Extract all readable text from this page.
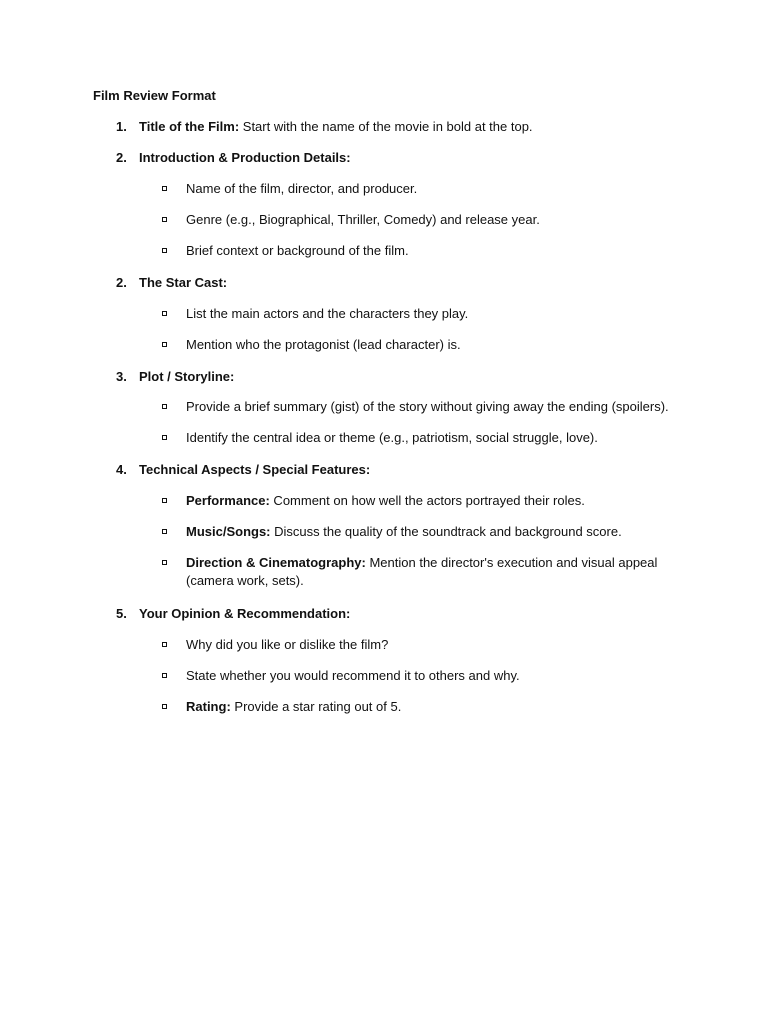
Film Review Format
1. Title of the Film: Start with the name of the movie in bold at the top.
2. Introduction & Production Details:
Name of the film, director, and producer.
Genre (e.g., Biographical, Thriller, Comedy) and release year.
Brief context or background of the film.
2. The Star Cast:
List the main actors and the characters they play.
Mention who the protagonist (lead character) is.
3. Plot / Storyline:
Provide a brief summary (gist) of the story without giving away the ending (spoilers).
Identify the central idea or theme (e.g., patriotism, social struggle, love).
4. Technical Aspects / Special Features:
Performance: Comment on how well the actors portrayed their roles.
Music/Songs: Discuss the quality of the soundtrack and background score.
Direction & Cinematography: Mention the director's execution and visual appeal (camera work, sets).
5. Your Opinion & Recommendation:
Why did you like or dislike the film?
State whether you would recommend it to others and why.
Rating: Provide a star rating out of 5.
